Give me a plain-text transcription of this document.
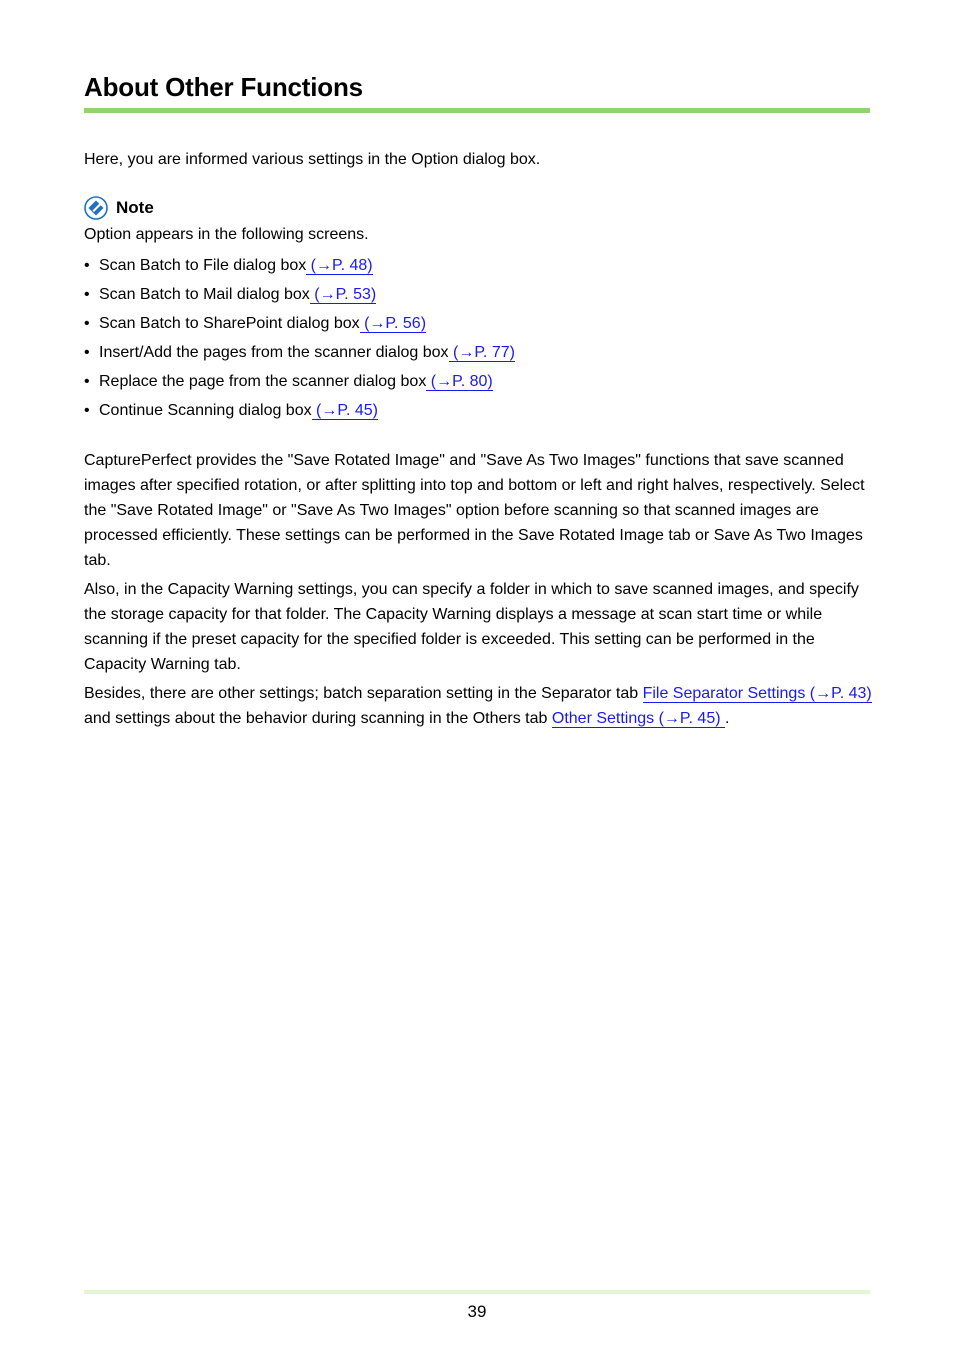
About Other Functions

Here, you are informed various settings in the Option dialog box.

Note

Option appears in the following screens.

• Scan Batch to File dialog box (→P. 48)
• Scan Batch to Mail dialog box (→P. 53)
• Scan Batch to SharePoint dialog box (→P. 56)
• Insert/Add the pages from the scanner dialog box (→P. 77)
• Replace the page from the scanner dialog box (→P. 80)
• Continue Scanning dialog box (→P. 45)

CapturePerfect provides the "Save Rotated Image" and "Save As Two Images" functions that save scanned images after specified rotation, or after splitting into top and bottom or left and right halves, respectively. Select the "Save Rotated Image" or "Save As Two Images" option before scanning so that scanned images are processed efficiently. These settings can be performed in the Save Rotated Image tab or Save As Two Images tab.

Also, in the Capacity Warning settings, you can specify a folder in which to save scanned images, and specify the storage capacity for that folder. The Capacity Warning displays a message at scan start time or while scanning if the preset capacity for the specified folder is exceeded. This setting can be performed in the Capacity Warning tab.

Besides, there are other settings; batch separation setting in the Separator tab File Separator Settings (→P. 43) and settings about the behavior during scanning in the Others tab Other Settings (→P. 45) .

39
